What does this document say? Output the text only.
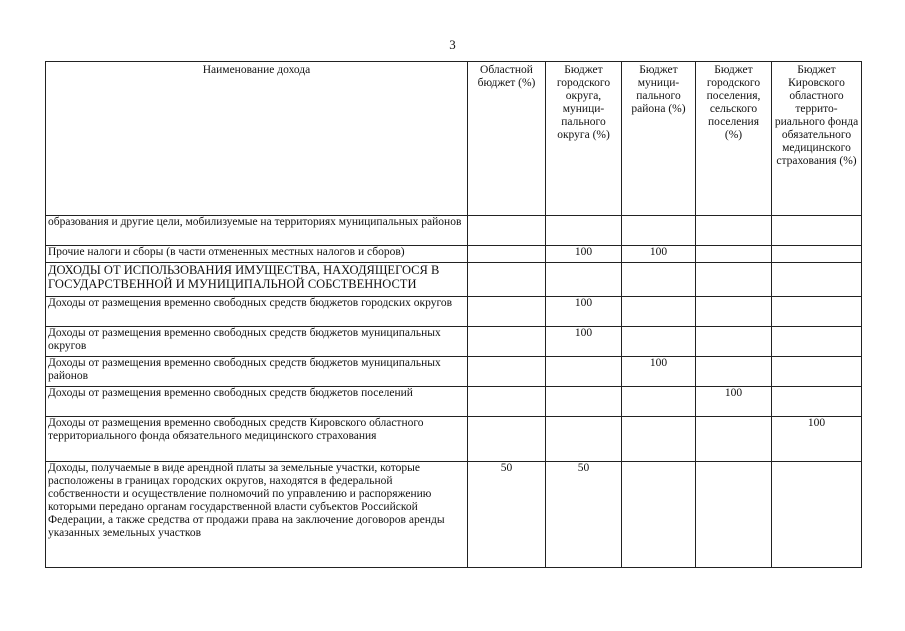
3
Наименование дохода	Областной бюджет (%)	Бюджет городского округа, муници-пального округа (%)	Бюджет муници-пального района (%)	Бюджет городского поселения, сельского поселения (%)	Бюджет Кировского областного террито-риального фонда обязательного медицинского страхования (%)
образования и другие цели, мобилизуемые на территориях муниципальных районов					
Прочие налоги и сборы (в части отмененных местных налогов и сборов)		100	100		
ДОХОДЫ ОТ ИСПОЛЬЗОВАНИЯ ИМУЩЕСТВА, НАХОДЯЩЕГОСЯ В ГОСУДАРСТВЕННОЙ И МУНИЦИПАЛЬНОЙ СОБСТВЕННОСТИ					
Доходы от размещения временно свободных средств бюджетов городских округов		100			
Доходы от размещения временно свободных средств бюджетов муниципальных округов		100			
Доходы от размещения временно свободных средств бюджетов муниципальных районов			100		
Доходы от размещения временно свободных средств бюджетов поселений				100	
Доходы от размещения временно свободных средств Кировского областного территориального фонда обязательного медицинского страхования					100
Доходы, получаемые в виде арендной платы за земельные участки, которые расположены в границах городских округов, находятся в федеральной собственности и осуществление полномочий по управлению и распоряжению которыми передано органам государственной власти субъектов Российской Федерации, а также средства от продажи права на заключение договоров аренды указанных земельных участков	50	50			
